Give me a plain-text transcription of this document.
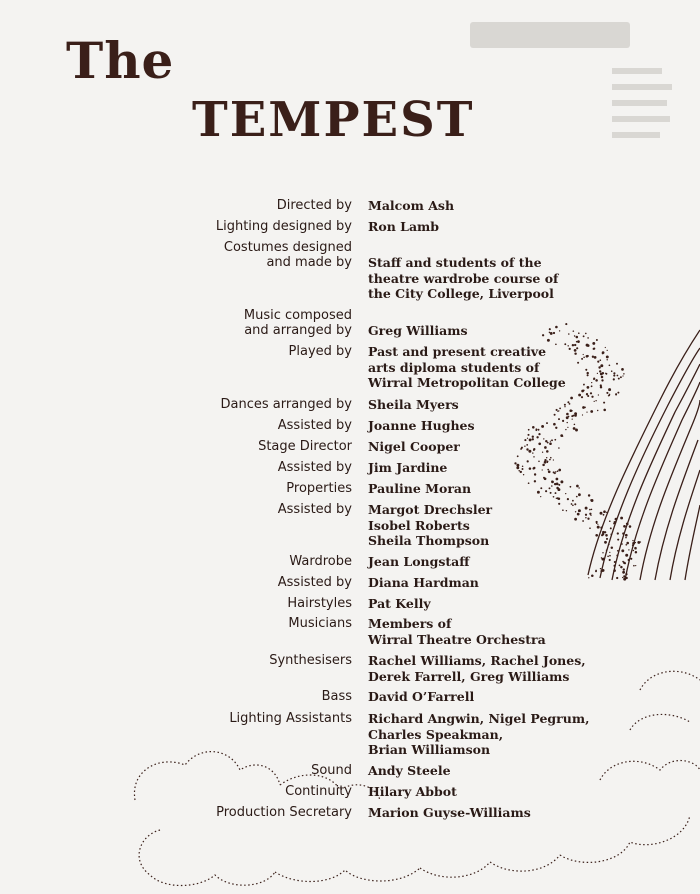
The
TEMPEST
Directed by Malcom Ash
Lighting designed by Ron Lamb
Costumes designed
and made by Staff and students of the
theatre wardrobe course of
the City College, Liverpool
Music composed
and arranged by Greg Williams
Played by Past and present creative
arts diploma students of
Wirral Metropolitan College
Dances arranged by Sheila Myers
Assisted by Joanne Hughes
Stage Director Nigel Cooper
Assisted by Jim Jardine
Properties Pauline Moran
Assisted by Margot Drechsler
Isobel Roberts
Sheila Thompson
Wardrobe Jean Longstaff
Assisted by Diana Hardman
Hairstyles Pat Kelly
Musicians Members of
Wirral Theatre Orchestra
Synthesisers Rachel Williams, Rachel Jones,
Derek Farrell, Greg Williams
Bass David O’Farrell
Lighting Assistants Richard Angwin, Nigel Pegrum,
Charles Speakman,
Brian Williamson
Sound Andy Steele
Continuity Hilary Abbot
Production Secretary Marion Guyse-Williams
